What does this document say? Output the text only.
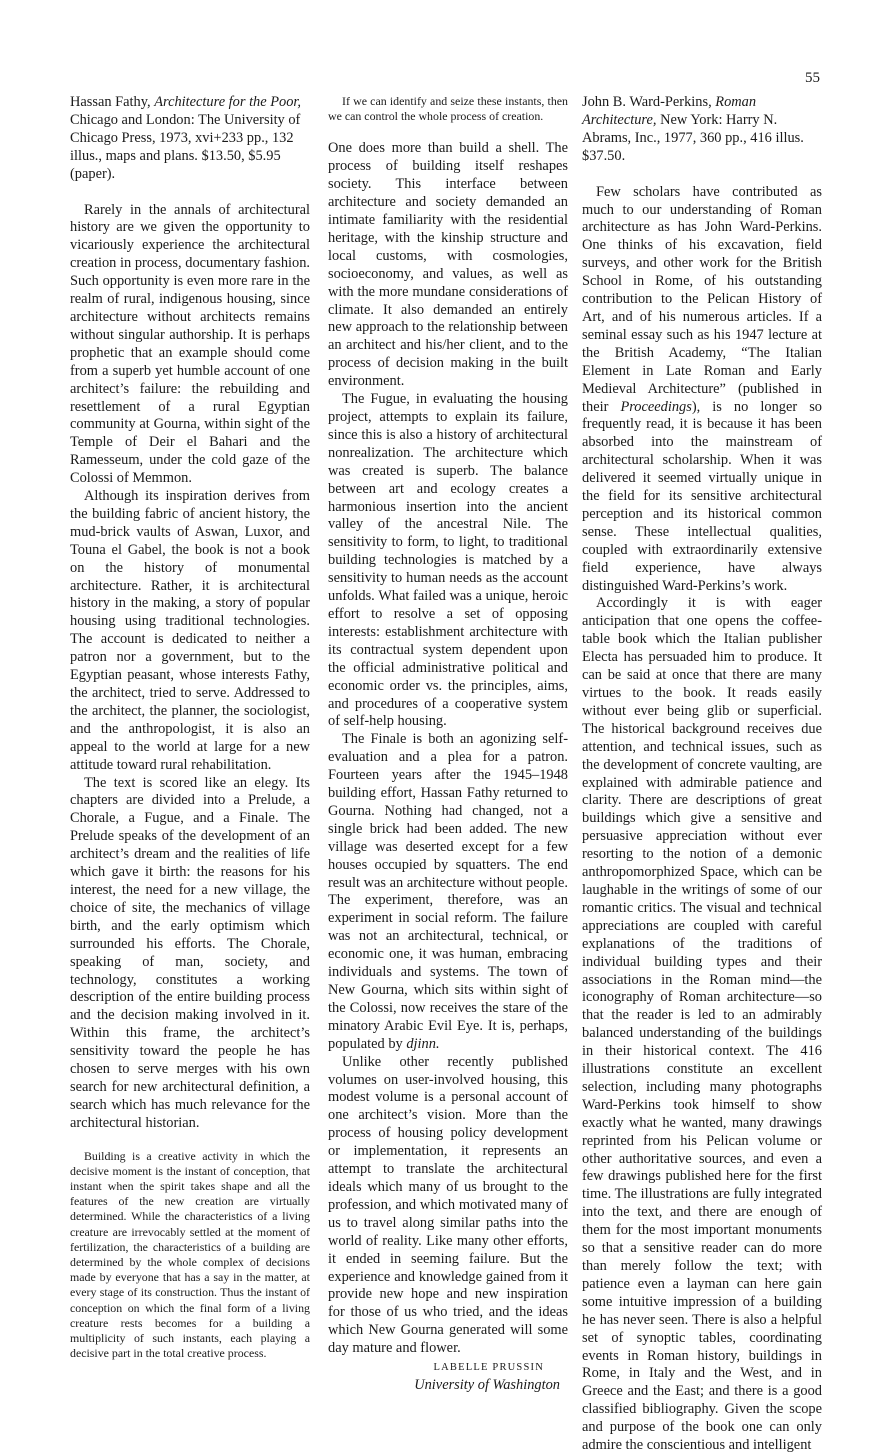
55

Hassan Fathy, Architecture for the Poor, Chicago and London: The University of Chicago Press, 1973, xvi+233 pp., 132 illus., maps and plans. $13.50, $5.95 (paper).

Rarely in the annals of architectural history are we given the opportunity to vicariously experience the architectural creation in process, documentary fashion. Such opportunity is even more rare in the realm of rural, indigenous housing, since architecture without architects remains without singular authorship. It is perhaps prophetic that an example should come from a superb yet humble account of one architect’s failure: the rebuilding and resettlement of a rural Egyptian community at Gourna, within sight of the Temple of Deir el Bahari and the Ramesseum, under the cold gaze of the Colossi of Memmon.

Although its inspiration derives from the building fabric of ancient history, the mud-brick vaults of Aswan, Luxor, and Touna el Gabel, the book is not a book on the history of monumental architecture. Rather, it is architectural history in the making, a story of popular housing using traditional technologies. The account is dedicated to neither a patron nor a government, but to the Egyptian peasant, whose interests Fathy, the architect, tried to serve. Addressed to the architect, the planner, the sociologist, and the anthropologist, it is also an appeal to the world at large for a new attitude toward rural rehabilitation.

The text is scored like an elegy. Its chapters are divided into a Prelude, a Chorale, a Fugue, and a Finale. The Prelude speaks of the development of an architect’s dream and the realities of life which gave it birth: the reasons for his interest, the need for a new village, the choice of site, the mechanics of village birth, and the early optimism which surrounded his efforts. The Chorale, speaking of man, society, and technology, constitutes a working description of the entire building process and the decision making involved in it. Within this frame, the architect’s sensitivity toward the people he has chosen to serve merges with his own search for new architectural definition, a search which has much relevance for the architectural historian.

Building is a creative activity in which the decisive moment is the instant of conception, that instant when the spirit takes shape and all the features of the new creation are virtually determined. While the characteristics of a living creature are irrevocably settled at the moment of fertilization, the characteristics of a building are determined by the whole complex of decisions made by everyone that has a say in the matter, at every stage of its construction. Thus the instant of conception on which the final form of a living creature rests becomes for a building a multiplicity of such instants, each playing a decisive part in the total creative process.

If we can identify and seize these instants, then we can control the whole process of creation.

One does more than build a shell. The process of building itself reshapes society. This interface between architecture and society demanded an intimate familiarity with the residential heritage, with the kinship structure and local customs, with cosmologies, socioeconomy, and values, as well as with the more mundane considerations of climate. It also demanded an entirely new approach to the relationship between an architect and his/her client, and to the process of decision making in the built environment.

The Fugue, in evaluating the housing project, attempts to explain its failure, since this is also a history of architectural nonrealization. The architecture which was created is superb. The balance between art and ecology creates a harmonious insertion into the ancient valley of the ancestral Nile. The sensitivity to form, to light, to traditional building technologies is matched by a sensitivity to human needs as the account unfolds. What failed was a unique, heroic effort to resolve a set of opposing interests: establishment architecture with its contractual system dependent upon the official administrative political and economic order vs. the principles, aims, and procedures of a cooperative system of self-help housing.

The Finale is both an agonizing self-evaluation and a plea for a patron. Fourteen years after the 1945–1948 building effort, Hassan Fathy returned to Gourna. Nothing had changed, not a single brick had been added. The new village was deserted except for a few houses occupied by squatters. The end result was an architecture without people. The experiment, therefore, was an experiment in social reform. The failure was not an architectural, technical, or economic one, it was human, embracing individuals and systems. The town of New Gourna, which sits within sight of the Colossi, now receives the stare of the minatory Arabic Evil Eye. It is, perhaps, populated by djinn.

Unlike other recently published volumes on user-involved housing, this modest volume is a personal account of one architect’s vision. More than the process of housing policy development or implementation, it represents an attempt to translate the architectural ideals which many of us brought to the profession, and which motivated many of us to travel along similar paths into the world of reality. Like many other efforts, it ended in seeming failure. But the experience and knowledge gained from it provide new hope and new inspiration for those of us who tried, and the ideas which New Gourna generated will some day mature and flower.

LABELLE PRUSSIN

University of Washington

John B. Ward-Perkins, Roman Architecture, New York: Harry N. Abrams, Inc., 1977, 360 pp., 416 illus. $37.50.

Few scholars have contributed as much to our understanding of Roman architecture as has John Ward-Perkins. One thinks of his excavation, field surveys, and other work for the British School in Rome, of his outstanding contribution to the Pelican History of Art, and of his numerous articles. If a seminal essay such as his 1947 lecture at the British Academy, “The Italian Element in Late Roman and Early Medieval Architecture” (published in their Proceedings), is no longer so frequently read, it is because it has been absorbed into the mainstream of architectural scholarship. When it was delivered it seemed virtually unique in the field for its sensitive architectural perception and its historical common sense. These intellectual qualities, coupled with extraordinarily extensive field experience, have always distinguished Ward-Perkins’s work.

Accordingly it is with eager anticipation that one opens the coffee-table book which the Italian publisher Electa has persuaded him to produce. It can be said at once that there are many virtues to the book. It reads easily without ever being glib or superficial. The historical background receives due attention, and technical issues, such as the development of concrete vaulting, are explained with admirable patience and clarity. There are descriptions of great buildings which give a sensitive and persuasive appreciation without ever resorting to the notion of a demonic anthropomorphized Space, which can be laughable in the writings of some of our romantic critics. The visual and technical appreciations are coupled with careful explanations of the traditions of individual building types and their associations in the Roman mind—the iconography of Roman architecture—so that the reader is led to an admirably balanced understanding of the buildings in their historical context. The 416 illustrations constitute an excellent selection, including many photographs Ward-Perkins took himself to show exactly what he wanted, many drawings reprinted from his Pelican volume or other authoritative sources, and even a few drawings published here for the first time. The illustrations are fully integrated into the text, and there are enough of them for the most important monuments so that a sensitive reader can do more than merely follow the text; with patience even a layman can here gain some intuitive impression of a building he has never seen. There is also a helpful set of synoptic tables, coordinating events in Roman history, buildings in Rome, in Italy and the West, and in Greece and the East; and there is a good classified bibliography. Given the scope and purpose of the book one can only admire the conscientious and intelligent
